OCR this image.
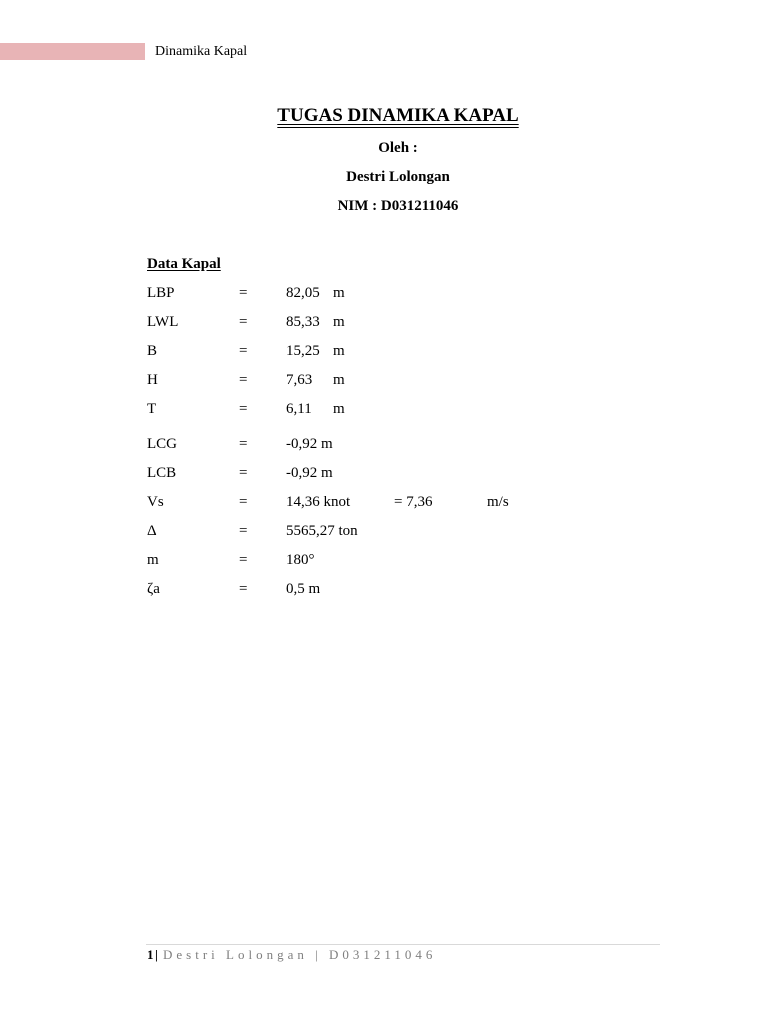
Dinamika Kapal
TUGAS DINAMIKA KAPAL
Oleh :
Destri Lolongan
NIM : D031211046
Data Kapal
LBP	=	82,05 m
LWL	=	85,33 m
B	=	15,25 m
H	=	7,63 m
T	=	6,11 m
LCG	=	-0,92 m
LCB	=	-0,92 m
Vs	=	14,36 knot	= 7,36	m/s
Δ	=	5565,27 ton
m	=	180°
ζa	=	0,5 m
1 | Destri Lolongan | D031211046
